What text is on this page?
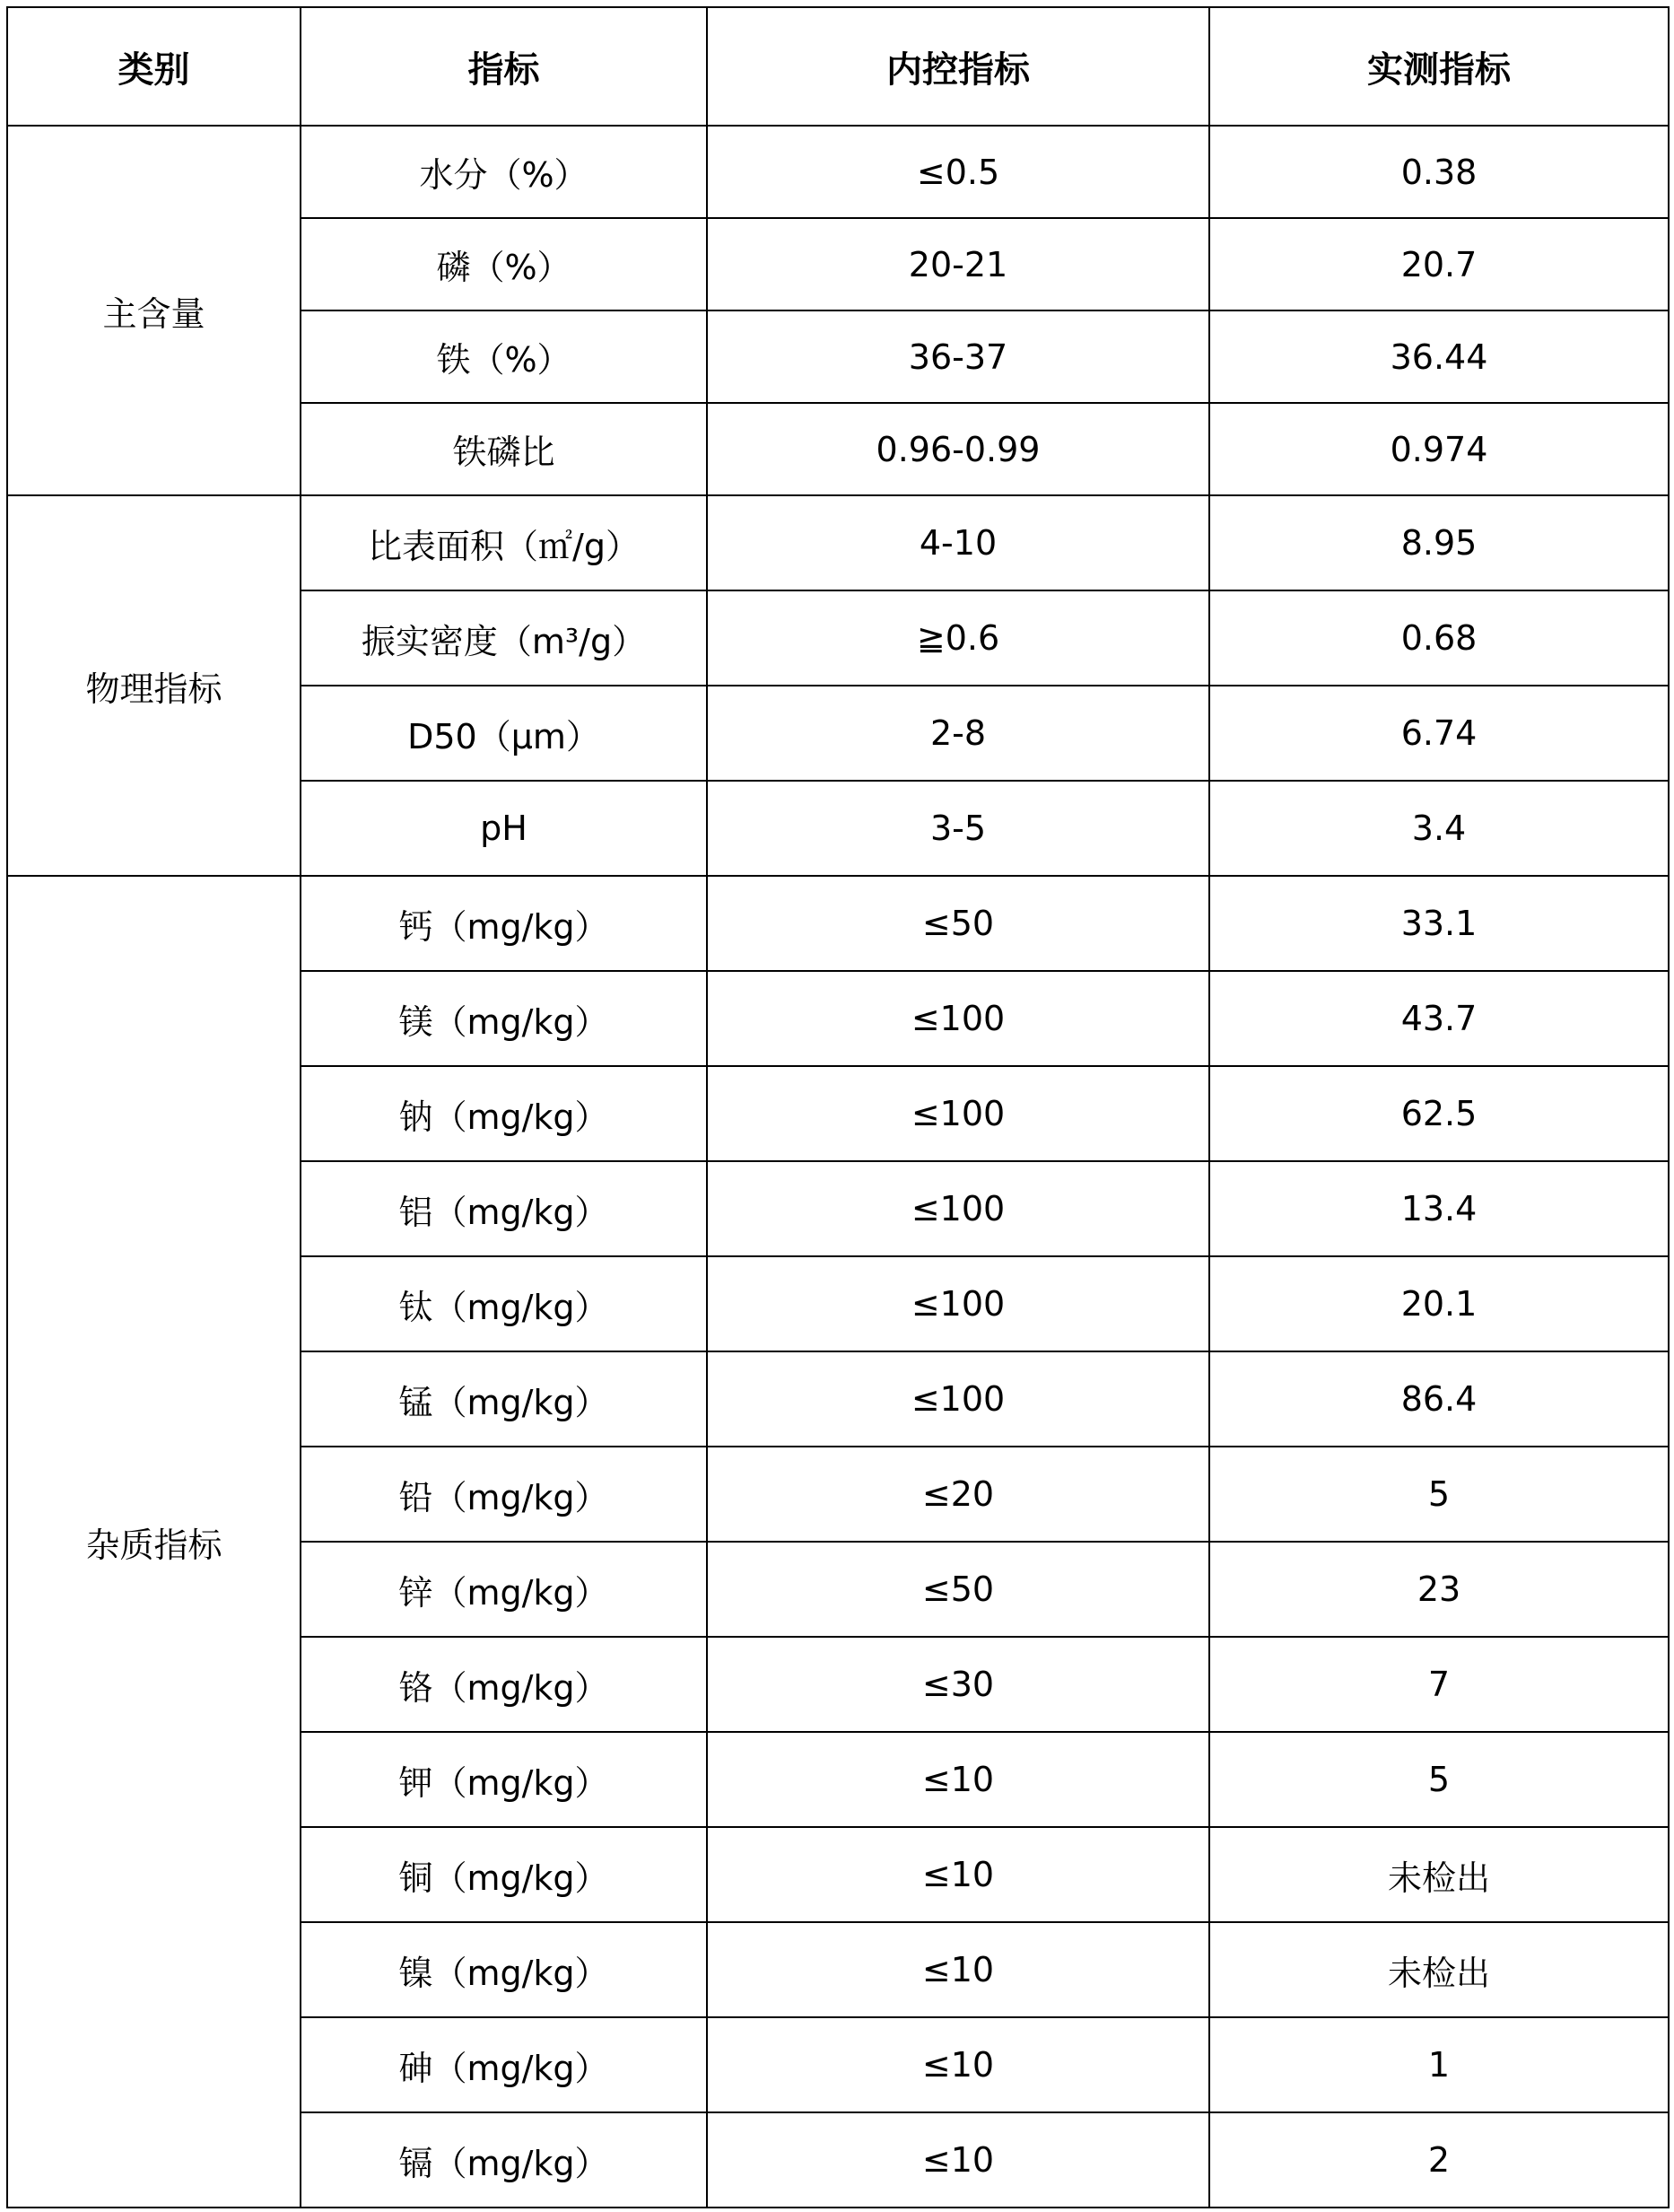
类别	指标	内控指标	实测指标
主含量	水分（%）	≤0.5	0.38
	磷（%）	20-21	20.7
	铁（%）	36-37	36.44
	铁磷比	0.96-0.99	0.974
物理指标	比表面积（㎡/g）	4-10	8.95
	振实密度（m³/g）	≧0.6	0.68
	D50（μm）	2-8	6.74
	pH	3-5	3.4
杂质指标	钙（mg/kg）	≤50	33.1
	镁（mg/kg）	≤100	43.7
	钠（mg/kg）	≤100	62.5
	铝（mg/kg）	≤100	13.4
	钛（mg/kg）	≤100	20.1
	锰（mg/kg）	≤100	86.4
	铅（mg/kg）	≤20	5
	锌（mg/kg）	≤50	23
	铬（mg/kg）	≤30	7
	钾（mg/kg）	≤10	5
	铜（mg/kg）	≤10	未检出
	镍（mg/kg）	≤10	未检出
	砷（mg/kg）	≤10	1
	镉（mg/kg）	≤10	2
